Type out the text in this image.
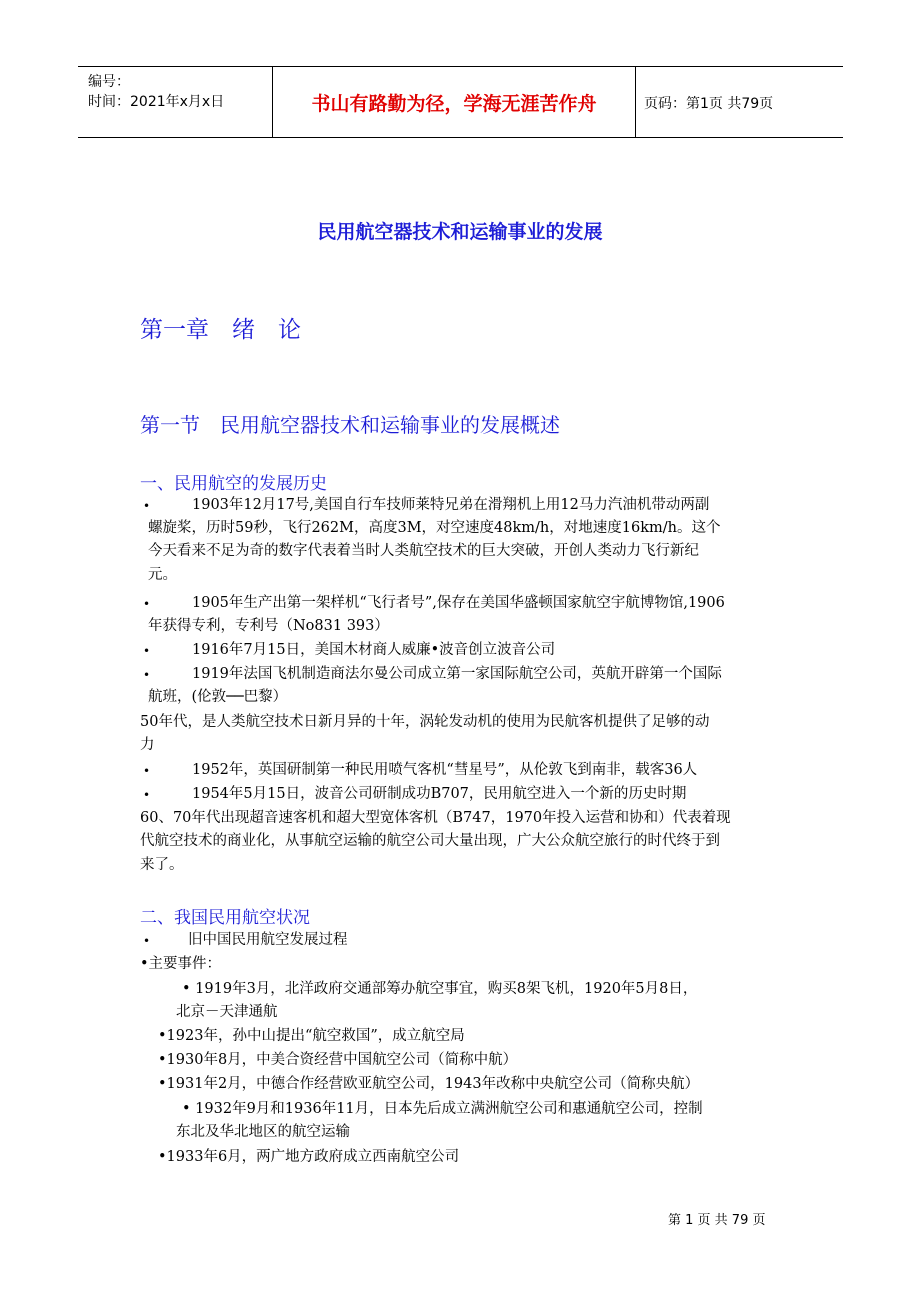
编号：
时间：2021年x月x日	书山有路勤为径，学海无涯苦作舟	页码：第1页 共79页
民用航空器技术和运输事业的发展
第一章　绪　论
第一节　民用航空器技术和运输事业的发展概述
一、民用航空的发展历史
•	1903年12月17号,美国自行车技师莱特兄弟在滑翔机上用12马力汽油机带动两副
螺旋桨，历时59秒，飞行262M，高度3M，对空速度48km/h，对地速度16km/h。这个
今天看来不足为奇的数字代表着当时人类航空技术的巨大突破，开创人类动力飞行新纪
元。
•	1905年生产出第一架样机“飞行者号”,保存在美国华盛顿国家航空宇航博物馆,1906
年获得专利，专利号（No831 393）
•	1916年7月15日，美国木材商人威廉•波音创立波音公司
•	1919年法国飞机制造商法尔曼公司成立第一家国际航空公司，英航开辟第一个国际
航班，(伦敦──巴黎）
50年代，是人类航空技术日新月异的十年，涡轮发动机的使用为民航客机提供了足够的动
力
•	1952年，英国研制第一种民用喷气客机“彗星号”，从伦敦飞到南非，载客36人
•	1954年5月15日，波音公司研制成功B707，民用航空进入一个新的历史时期
60、70年代出现超音速客机和超大型宽体客机（B747，1970年投入运营和协和）代表着现
代航空技术的商业化，从事航空运输的航空公司大量出现，广大公众航空旅行的时代终于到
来了。
二、我国民用航空状况
•	旧中国民用航空发展过程
•主要事件：
• 1919年3月，北洋政府交通部筹办航空事宜，购买8架飞机，1920年5月8日，
北京－天津通航
•1923年，孙中山提出“航空救国”，成立航空局
•1930年8月，中美合资经营中国航空公司（简称中航）
•1931年2月，中德合作经营欧亚航空公司，1943年改称中央航空公司（简称央航）
• 1932年9月和1936年11月，日本先后成立满洲航空公司和惠通航空公司，控制
东北及华北地区的航空运输
•1933年6月，两广地方政府成立西南航空公司
第 1 页 共 79 页
